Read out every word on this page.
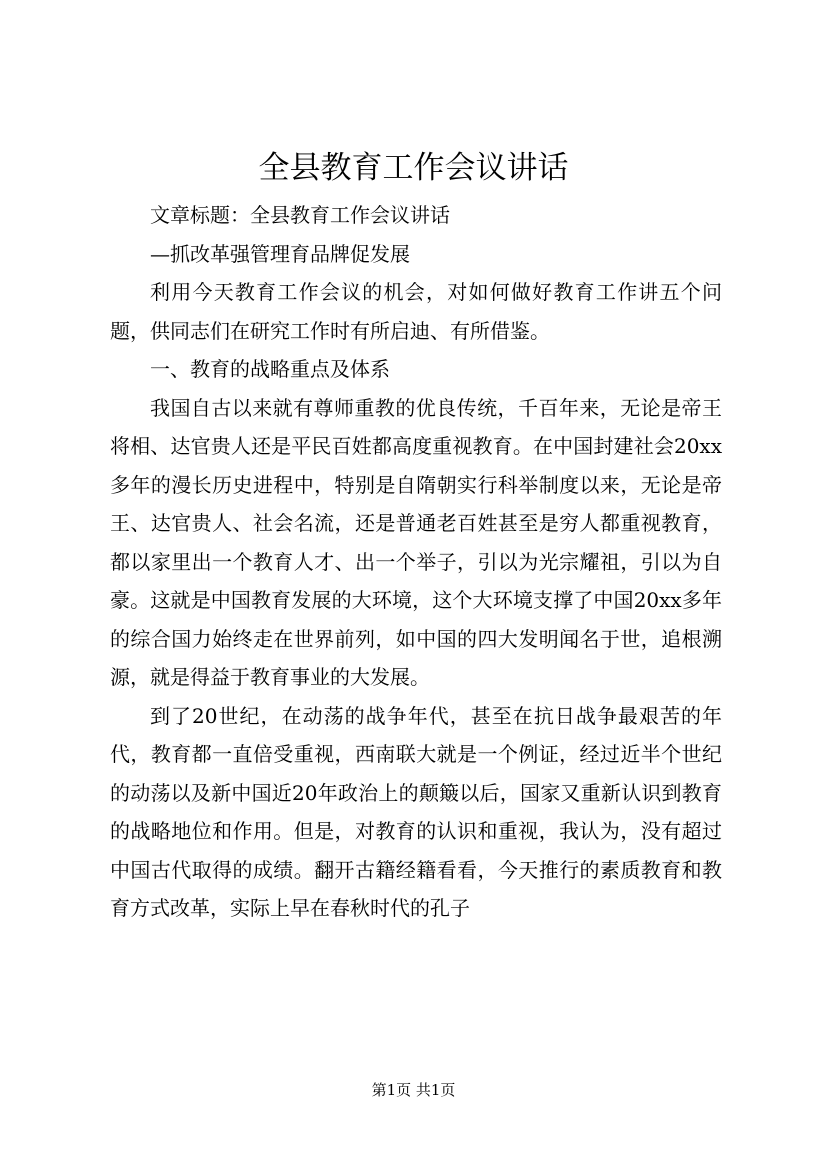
全县教育工作会议讲话

文章标题：全县教育工作会议讲话

—抓改革强管理育品牌促发展

利用今天教育工作会议的机会，对如何做好教育工作讲五个问题，供同志们在研究工作时有所启迪、有所借鉴。

一、教育的战略重点及体系

我国自古以来就有尊师重教的优良传统，千百年来，无论是帝王将相、达官贵人还是平民百姓都高度重视教育。在中国封建社会20xx多年的漫长历史进程中，特别是自隋朝实行科举制度以来，无论是帝王、达官贵人、社会名流，还是普通老百姓甚至是穷人都重视教育，都以家里出一个教育人才、出一个举子，引以为光宗耀祖，引以为自豪。这就是中国教育发展的大环境，这个大环境支撑了中国20xx多年的综合国力始终走在世界前列，如中国的四大发明闻名于世，追根溯源，就是得益于教育事业的大发展。

到了20世纪，在动荡的战争年代，甚至在抗日战争最艰苦的年代，教育都一直倍受重视，西南联大就是一个例证，经过近半个世纪的动荡以及新中国近20年政治上的颠簸以后，国家又重新认识到教育的战略地位和作用。但是，对教育的认识和重视，我认为，没有超过中国古代取得的成绩。翻开古籍经籍看看，今天推行的素质教育和教育方式改革，实际上早在春秋时代的孔子

第1页 共1页
